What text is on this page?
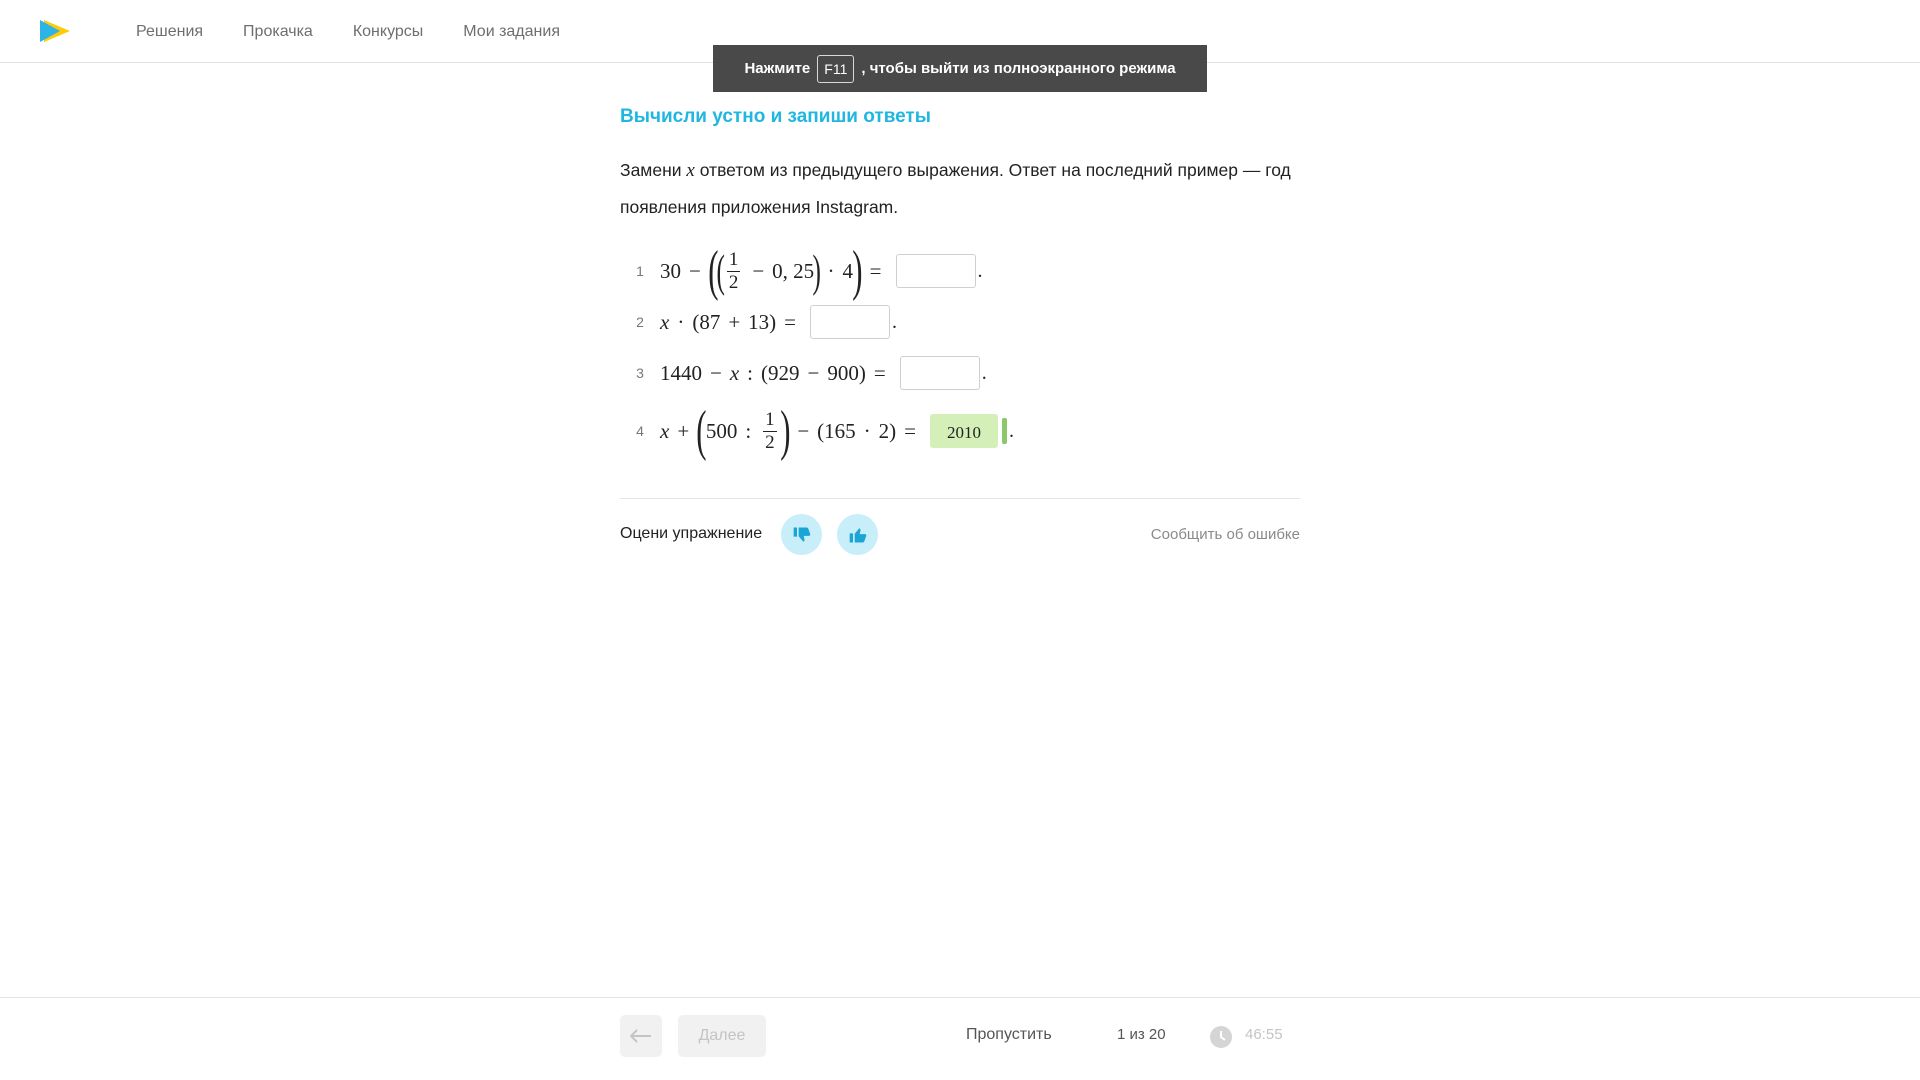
Решения	Прокачка	Конкурсы	Мои задания
Нажмите	F11 , чтобы выйти из полноэкранного режима
Вычисли устно и запиши ответы
Замени x ответом из предыдущего выражения. Ответ на последний пример — год появления приложения Instagram.
1 30 − (
( $\frac{1}{2} - 0$, 25
) · 4 ) =	.
2 x · (87 + 13) =	.
3 1440 − x : (929 − 900) =	.
4 x + ( 500 : $\frac{1}{2}$ ) − (165 · 2) =	2010	.
Оцени упражнение	Сообщить об ошибке
Далее	Пропустить	1 из 20	46:55
